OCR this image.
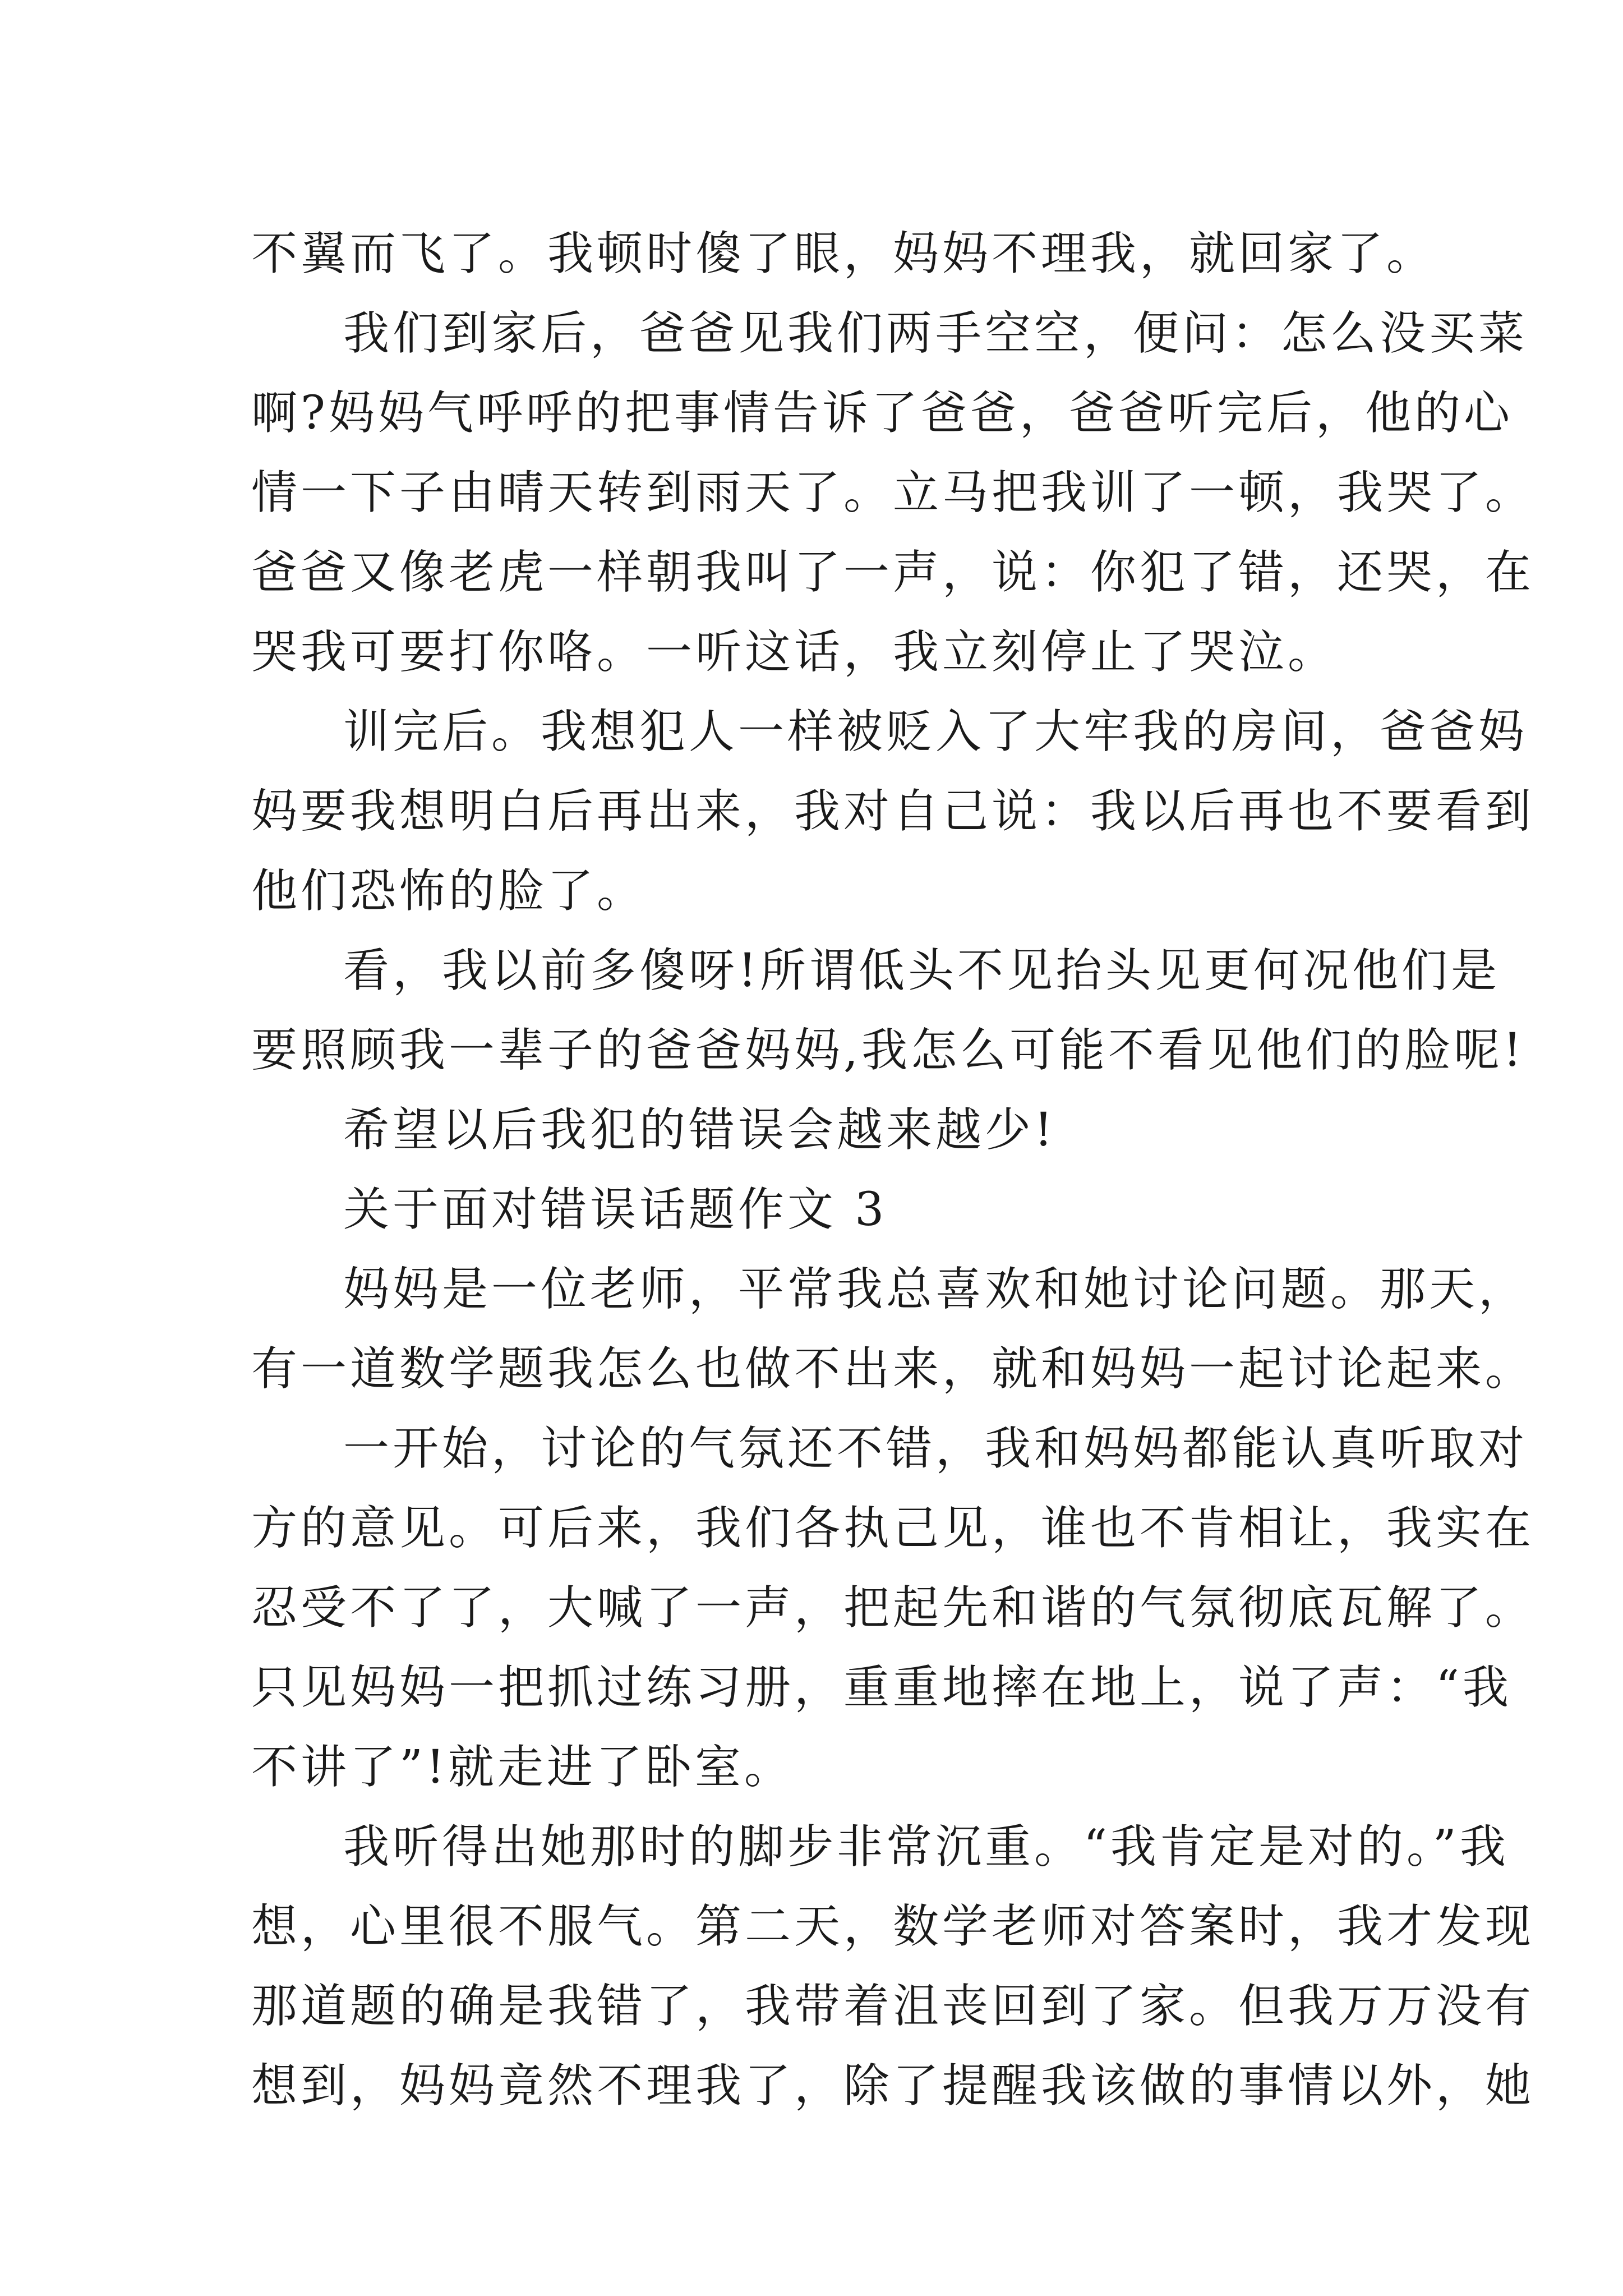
不翼而飞了。我顿时傻了眼，妈妈不理我，就回家了。
我们到家后，爸爸见我们两手空空，便问：怎么没买菜
啊?妈妈气呼呼的把事情告诉了爸爸，爸爸听完后，他的心
情一下子由晴天转到雨天了。立马把我训了一顿，我哭了。
爸爸又像老虎一样朝我叫了一声，说：你犯了错，还哭，在
哭我可要打你咯。一听这话，我立刻停止了哭泣。
训完后。我想犯人一样被贬入了大牢我的房间，爸爸妈
妈要我想明白后再出来，我对自己说：我以后再也不要看到
他们恐怖的脸了。
看，我以前多傻呀!所谓低头不见抬头见更何况他们是
要照顾我一辈子的爸爸妈妈,我怎么可能不看见他们的脸呢!
希望以后我犯的错误会越来越少!
关于面对错误话题作文 3
妈妈是一位老师，平常我总喜欢和她讨论问题。那天，
有一道数学题我怎么也做不出来，就和妈妈一起讨论起来。
一开始，讨论的气氛还不错，我和妈妈都能认真听取对
方的意见。可后来，我们各执己见，谁也不肯相让，我实在
忍受不了了，大喊了一声，把起先和谐的气氛彻底瓦解了。
只见妈妈一把抓过练习册，重重地摔在地上，说了声：“我
不讲了”!就走进了卧室。
我听得出她那时的脚步非常沉重。“我肯定是对的。”我
想，心里很不服气。第二天，数学老师对答案时，我才发现
那道题的确是我错了，我带着沮丧回到了家。但我万万没有
想到，妈妈竟然不理我了，除了提醒我该做的事情以外，她
